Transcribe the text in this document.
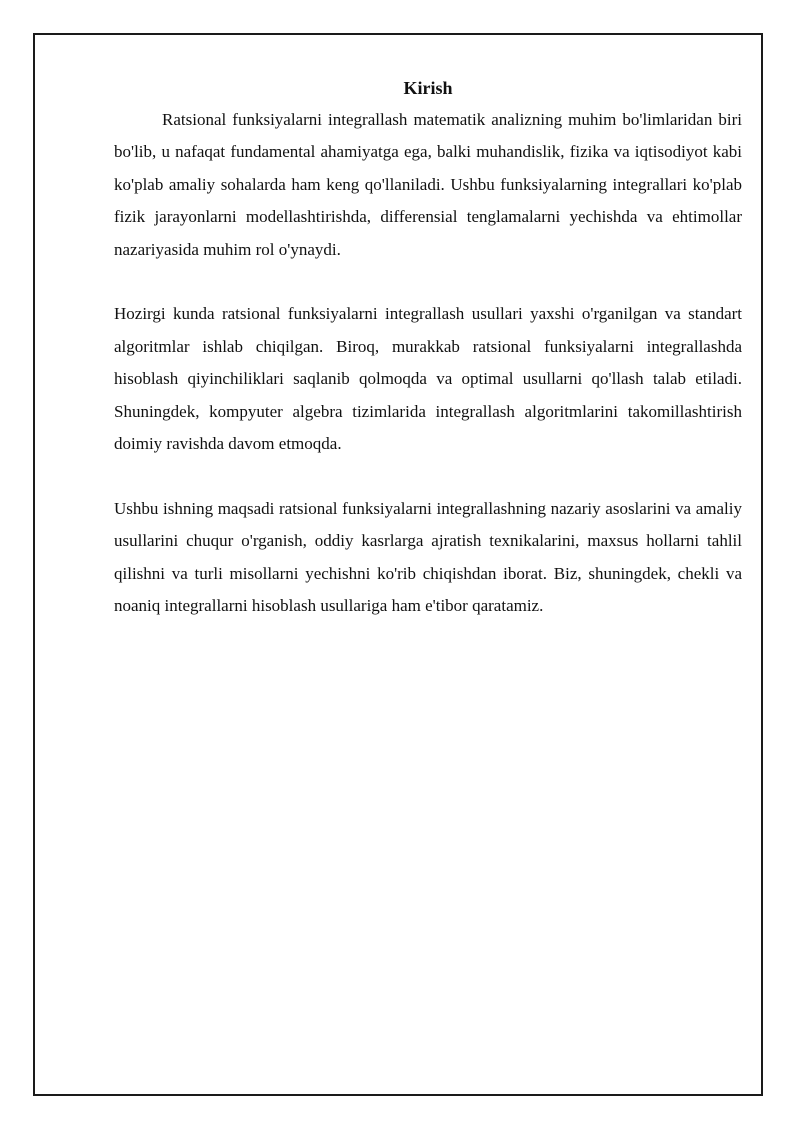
Kirish

Ratsional funksiyalarni integrallash matematik analizning muhim bo'limlaridan biri bo'lib, u nafaqat fundamental ahamiyatga ega, balki muhandislik, fizika va iqtisodiyot kabi ko'plab amaliy sohalarda ham keng qo'llaniladi. Ushbu funksiyalarning integrallari ko'plab fizik jarayonlarni modellashtirishda, differensial tenglamalarni yechishda va ehtimollar nazariyasida muhim rol o'ynaydi.

Hozirgi kunda ratsional funksiyalarni integrallash usullari yaxshi o'rganilgan va standart algoritmlar ishlab chiqilgan. Biroq, murakkab ratsional funksiyalarni integrallashda hisoblash qiyinchiliklari saqlanib qolmoqda va optimal usullarni qo'llash talab etiladi. Shuningdek, kompyuter algebra tizimlarida integrallash algoritmlarini takomillashtirish doimiy ravishda davom etmoqda.

Ushbu ishning maqsadi ratsional funksiyalarni integrallashning nazariy asoslarini va amaliy usullarini chuqur o'rganish, oddiy kasrlarga ajratish texnikalarini, maxsus hollarni tahlil qilishni va turli misollarni yechishni ko'rib chiqishdan iborat. Biz, shuningdek, chekli va noaniq integrallarni hisoblash usullariga ham e'tibor qaratamiz.
